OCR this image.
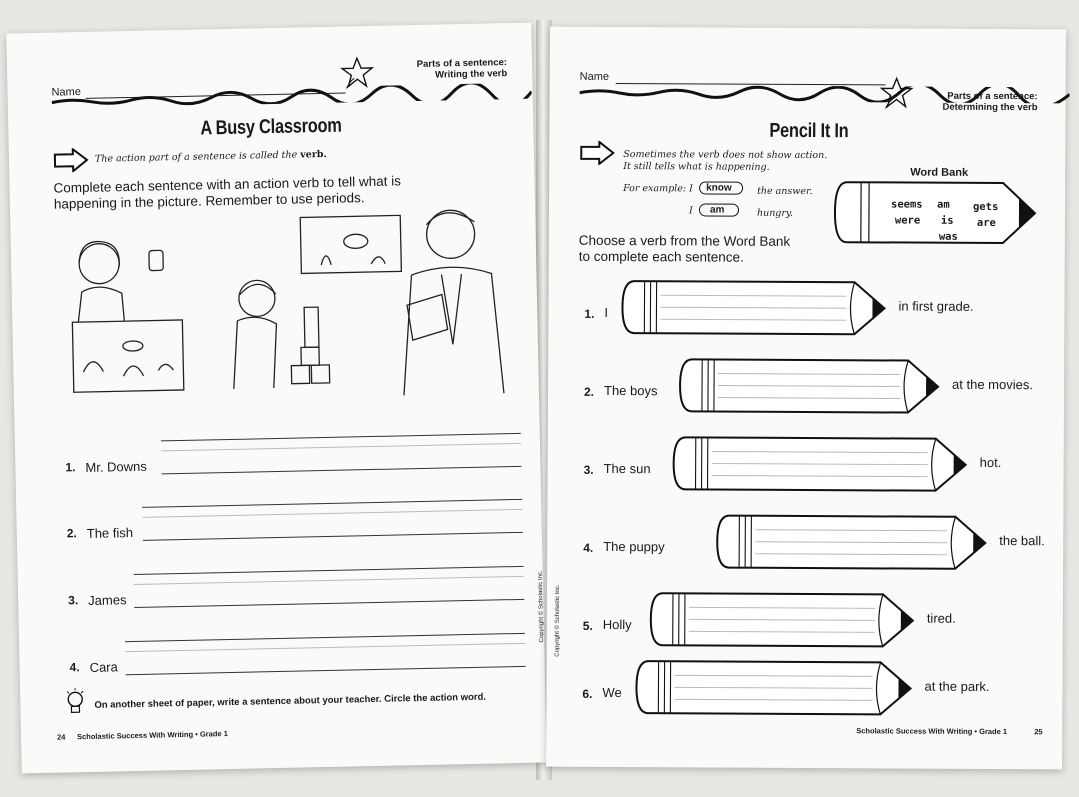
Name
Parts of a sentence:
Writing the verb
A Busy Classroom
The action part of a sentence is called the verb.
Complete each sentence with an action verb to tell what is
happening in the picture. Remember to use periods.
1. Mr. Downs
2. The fish
3. James
4. Cara
On another sheet of paper, write a sentence about your teacher. Circle the action word.
24 Scholastic Success With Writing • Grade 1
Copyright © Scholastic Inc.
Name
Parts of a sentence:
Determining the verb
Pencil It In
Sometimes the verb does not show action.
It still tells what is happening.
For example: I	know	the answer.
I	am	hungry.
Choose a verb from the Word Bank
to complete each sentence.
Word Bank
seems am gets
were is are
was
1. I	in first grade.
2. The boys	at the movies.
3. The sun	hot.
4. The puppy	the ball.
5. Holly	tired.
6. We	at the park.
Scholastic Success With Writing • Grade 1	25
Copyright © Scholastic Inc.
